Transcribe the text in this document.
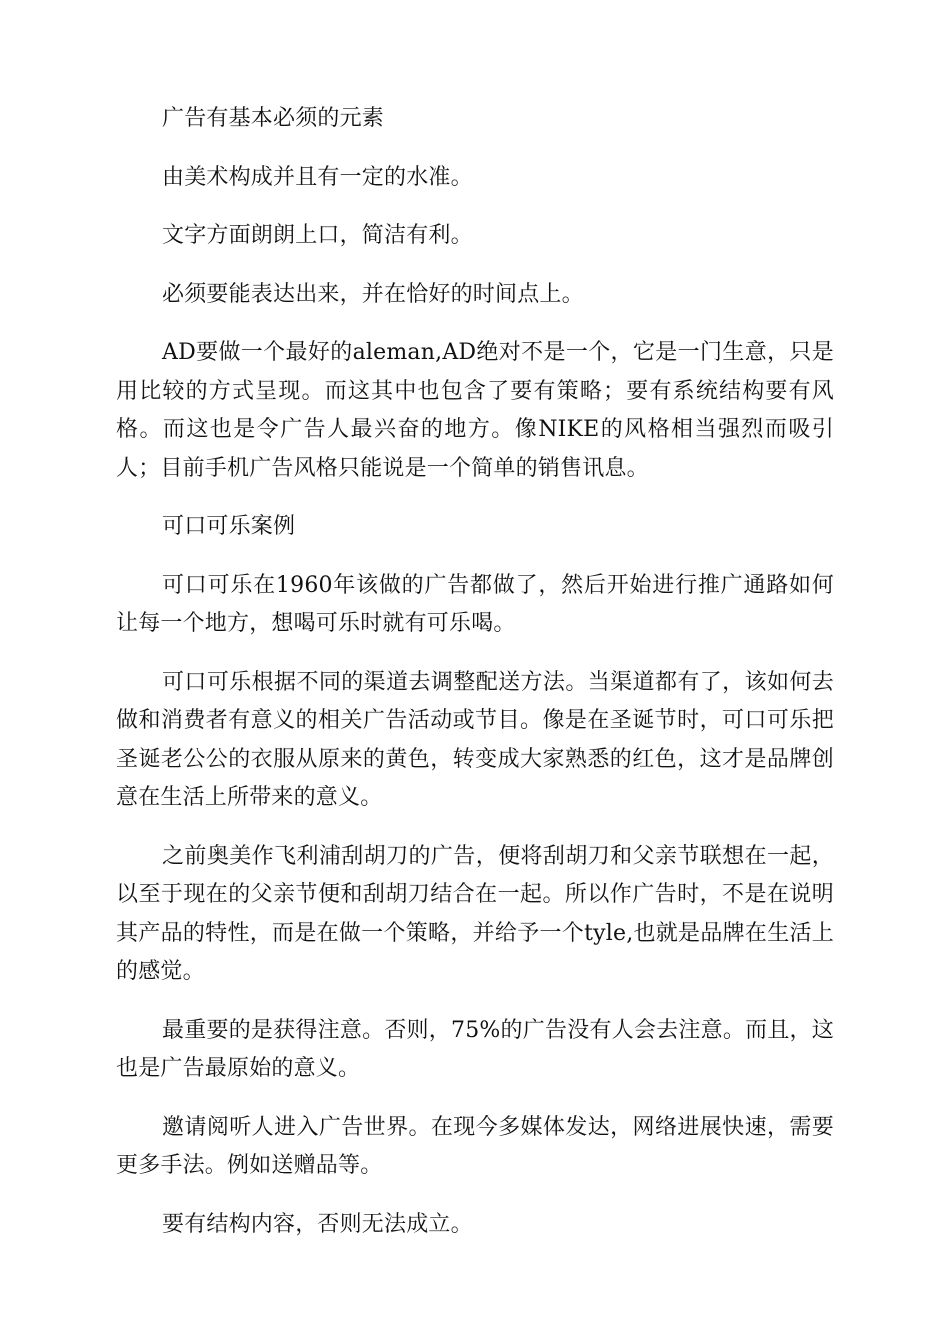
广告有基本必须的元素

由美术构成并且有一定的水准。

文字方面朗朗上口，简洁有利。

必须要能表达出来，并在恰好的时间点上。

AD要做一个最好的aleman,AD绝对不是一个，它是一门生意，只是用比较的方式呈现。而这其中也包含了要有策略；要有系统结构要有风格。而这也是令广告人最兴奋的地方。像NIKE的风格相当强烈而吸引人；目前手机广告风格只能说是一个简单的销售讯息。

可口可乐案例

可口可乐在1960年该做的广告都做了，然后开始进行推广通路如何让每一个地方，想喝可乐时就有可乐喝。

可口可乐根据不同的渠道去调整配送方法。当渠道都有了，该如何去做和消费者有意义的相关广告活动或节目。像是在圣诞节时，可口可乐把圣诞老公公的衣服从原来的黄色，转变成大家熟悉的红色，这才是品牌创意在生活上所带来的意义。

之前奥美作飞利浦刮胡刀的广告，便将刮胡刀和父亲节联想在一起，以至于现在的父亲节便和刮胡刀结合在一起。所以作广告时，不是在说明其产品的特性，而是在做一个策略，并给予一个tyle,也就是品牌在生活上的感觉。

最重要的是获得注意。否则，75%的广告没有人会去注意。而且，这也是广告最原始的意义。

邀请阅听人进入广告世界。在现今多媒体发达，网络进展快速，需要更多手法。例如送赠品等。

要有结构内容，否则无法成立。
